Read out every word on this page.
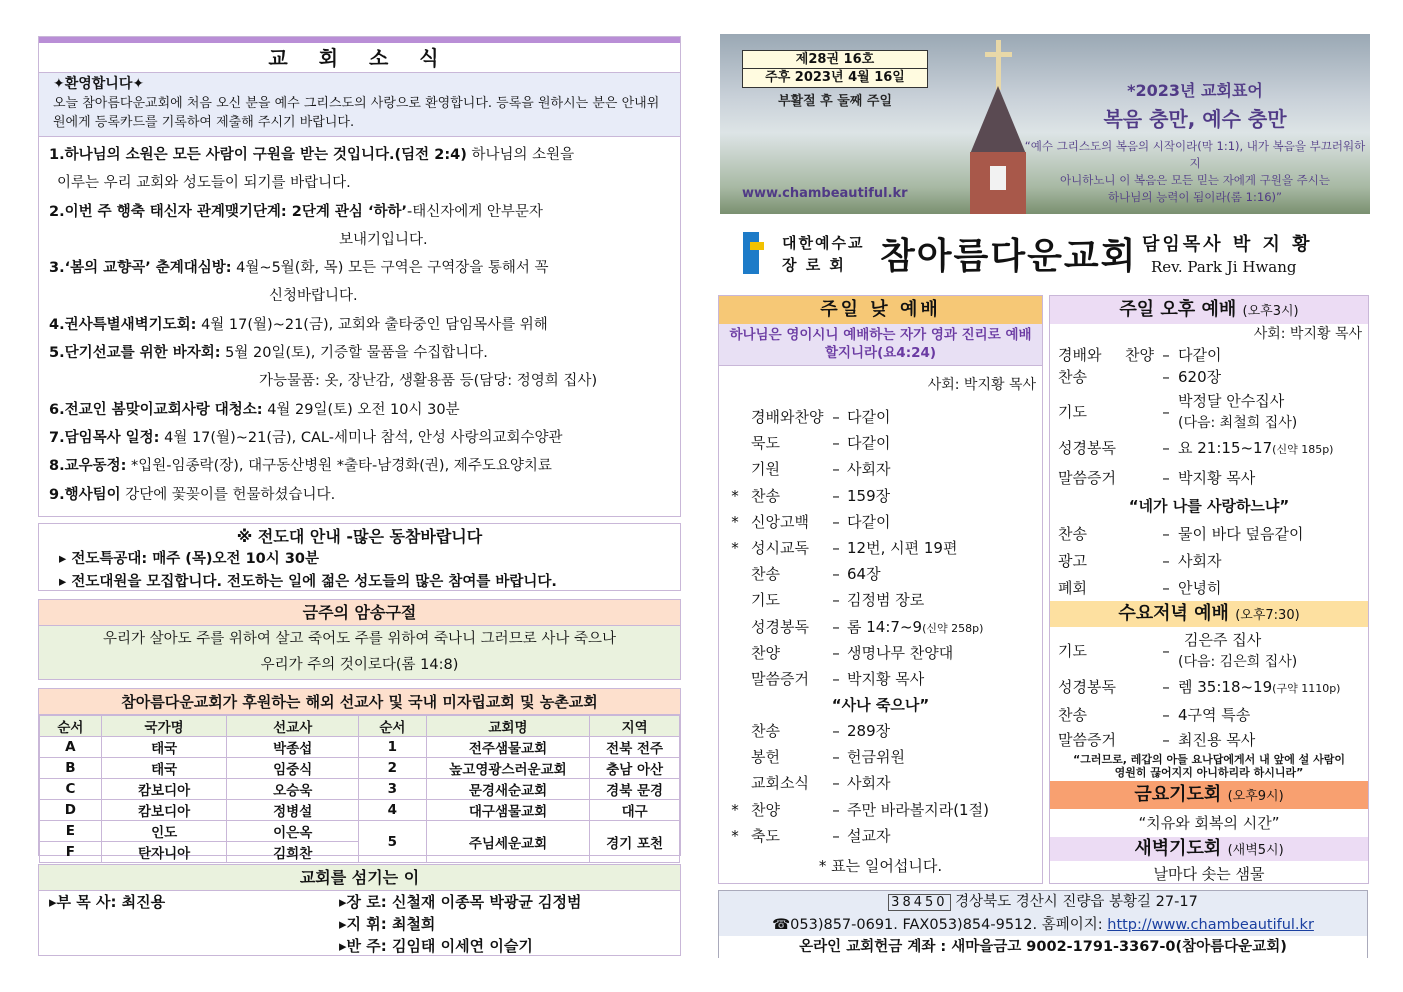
교 회 소 식
✦환영합니다✦
오늘 참아름다운교회에 처음 오신 분을 예수 그리스도의 사랑으로 환영합니다. 등록을 원하시는 분은 안내위원에게 등록카드를 기록하여 제출해 주시기 바랍니다.
1.하나님의 소원은 모든 사람이 구원을 받는 것입니다.(딤전 2:4) 하나님의 소원을
이루는 우리 교회와 성도들이 되기를 바랍니다.
2.이번 주 행축 태신자 관계맺기단계: 2단계 관심 ‘하하’-태신자에게 안부문자
보내기입니다.
3.‘봄의 교향곡’ 춘계대심방: 4월~5월(화, 목) 모든 구역은 구역장을 통해서 꼭
신청바랍니다.
4.권사특별새벽기도회: 4월 17(월)~21(금), 교회와 출타중인 담임목사를 위해
5.단기선교를 위한 바자회: 5월 20일(토), 기증할 물품을 수집합니다.
가능물품: 옷, 장난감, 생활용품 등(담당: 정영희 집사)
6.전교인 봄맞이교회사랑 대청소: 4월 29일(토) 오전 10시 30분
7.담임목사 일정: 4월 17(월)~21(금), CAL-세미나 참석, 안성 사랑의교회수양관
8.교우동정: *입원-임종락(장), 대구동산병원 *출타-남경화(권), 제주도요양치료
9.행사팀이 강단에 꽃꽂이를 헌물하셨습니다.
※ 전도대 안내 -많은 동참바랍니다
▸ 전도특공대: 매주 (목)오전 10시 30분
▸ 전도대원을 모집합니다. 전도하는 일에 젊은 성도들의 많은 참여를 바랍니다.
금주의 암송구절
우리가 살아도 주를 위하여 살고 죽어도 주를 위하여 죽나니 그러므로 사나 죽으나
우리가 주의 것이로다(롬 14:8)
참아름다운교회가 후원하는 해외 선교사 및 국내 미자립교회 및 농촌교회
순서	국가명	선교사	순서	교회명	지역
A	태국	박종섭	1	전주샘물교회	전북 전주
B	태국	임중식	2	높고영광스러운교회	충남 아산
C	캄보디아	오승욱	3	문경새순교회	경북 문경
D	캄보디아	정병설	4	대구샘물교회	대구
E	인도	이은옥	5	주님세운교회	경기 포천
F	탄자니아	김희찬			
교회를 섬기는 이
▸부 목 사: 최진용	▸장 로: 신철재 이종목 박광균 김정범
▸지 휘: 최철희
▸반 주: 김임태 이세연 이슬기
제28권 16호
주후 2023년 4월 16일
부활절 후 둘째 주일
*2023년 교회표어
복음 충만, 예수 충만
“예수 그리스도의 복음의 시작이라(막 1:1), 내가 복음을 부끄러워하지
아니하노니 이 복음은 모든 믿는 자에게 구원을 주시는
하나님의 능력이 됨이라(롬 1:16)”
www.chambeautiful.kr
대한예수교
장 로 회 참아름다운교회 담임목사 박 지 황
Rev. Park Ji Hwang
주일 낮 예배
하나님은 영이시니 예배하는 자가 영과 진리로 예배할지니라(요4:24)
사회: 박지황 목사
경배와찬양 – 다같이
묵도	– 다같이
기원	– 사회자
* 찬송	– 159장
* 신앙고백	– 다같이
* 성시교독	– 12번, 시편 19편
찬송	– 64장
기도	– 김정범 장로
성경봉독	– 롬 14:7~9(신약 258p)
찬양	– 생명나무 찬양대
말씀증거	– 박지황 목사
“사나 죽으나”
찬송	– 289장
봉헌	– 헌금위원
교회소식	– 사회자
* 찬양	– 주만 바라볼지라(1절)
* 축도	– 설교자
* 표는 일어섭니다.
주일 오후 예배 (오후3시)
사회: 박지황 목사
경배와 찬양 – 다같이
찬송	– 620장
기도	–
박정달 안수집사
(다음: 최철희 집사)
성경봉독	– 요 21:15~17(신약 185p)
말씀증거	– 박지황 목사
“네가 나를 사랑하느냐”
찬송	– 물이 바다 덮음같이
광고	– 사회자
폐회	– 안녕히
수요저녁 예배 (오후7:30)
기도	–
김은주 집사
(다음: 김은희 집사)
성경봉독	– 렘 35:18~19(구약 1110p)
찬송	– 4구역 특송
말씀증거	– 최진용 목사
“그러므로, 레갑의 아들 요나답에게서 내 앞에 설 사람이 영원히 끊어지지 아니하리라 하시니라”
금요기도회 (오후9시)
“치유와 회복의 시간”
새벽기도회 (새벽5시)
날마다 솟는 샘물
38450 경상북도 경산시 진량읍 봉황길 27-17
☎053)857-0691. FAX053)854-9512. 홈페이지: http://www.chambeautiful.kr
온라인 교회헌금 계좌 : 새마을금고 9002-1791-3367-0(참아름다운교회)
